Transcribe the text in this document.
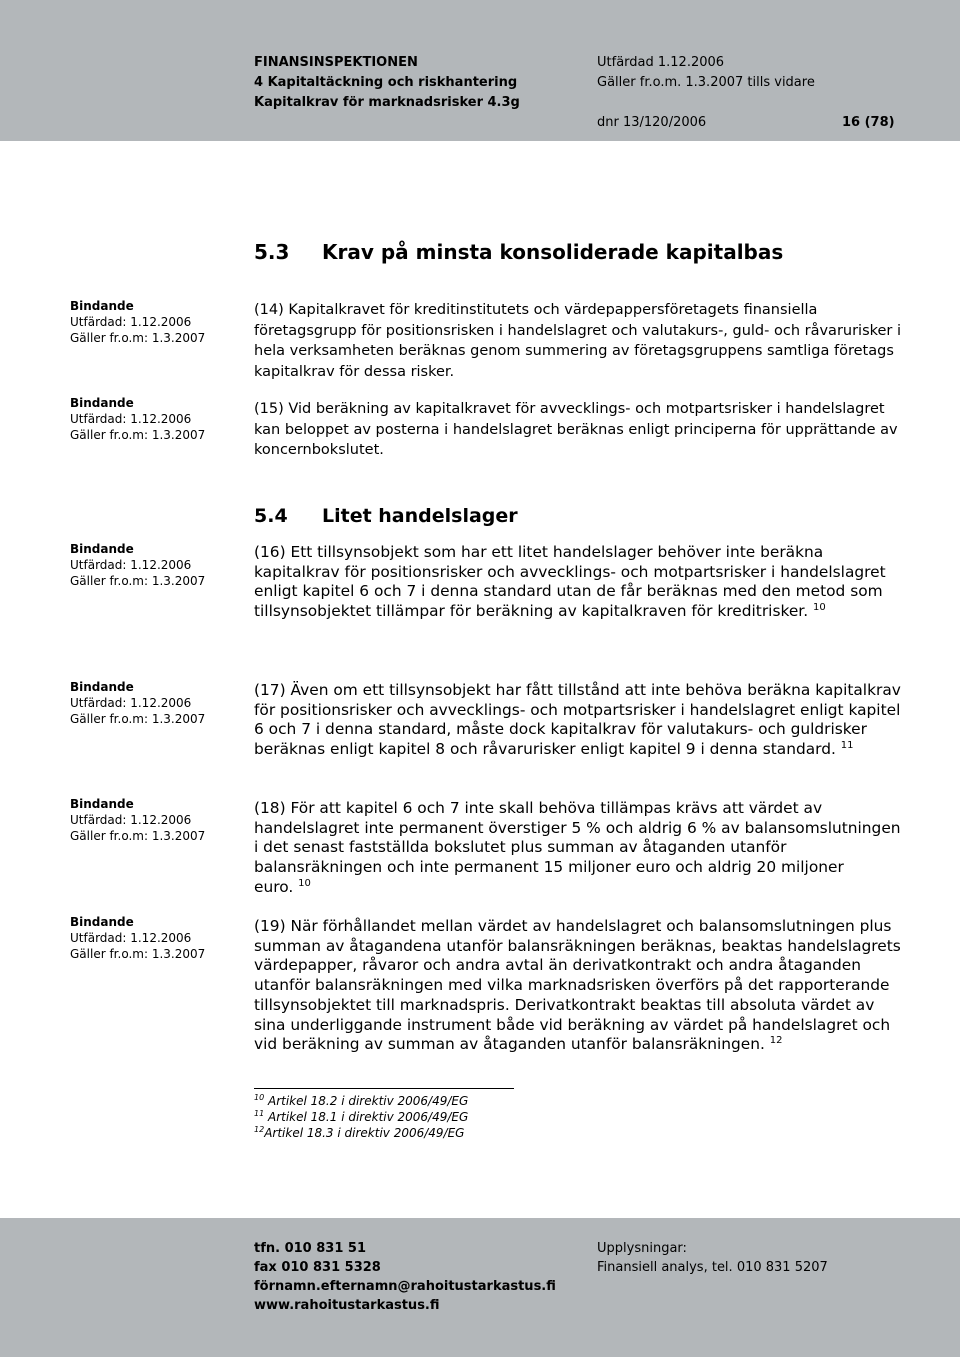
FINANSINSPEKTIONEN
4 Kapitaltäckning och riskhantering
Kapitalkrav för marknadsrisker 4.3g
Utfärdad 1.12.2006
Gäller fr.o.m. 1.3.2007 tills vidare
dnr 13/120/2006	16 (78)
5.3 Krav på minsta konsoliderade kapitalbas
Bindande
Utfärdad: 1.12.2006
Gäller fr.o.m: 1.3.2007
(14) Kapitalkravet för kreditinstitutets och värdepappersföretagets finansiella företagsgrupp för positionsrisken i handelslagret och valutakurs-, guld- och råvarurisker i hela verksamheten beräknas genom summering av företagsgruppens samtliga företags kapitalkrav för dessa risker.
Bindande
Utfärdad: 1.12.2006
Gäller fr.o.m: 1.3.2007
(15) Vid beräkning av kapitalkravet för avvecklings- och motpartsrisker i handelslagret kan beloppet av posterna i handelslagret beräknas enligt principerna för upprättande av koncernbokslutet.
5.4 Litet handelslager
Bindande
Utfärdad: 1.12.2006
Gäller fr.o.m: 1.3.2007
(16) Ett tillsynsobjekt som har ett litet handelslager behöver inte beräkna kapitalkrav för positionsrisker och avvecklings- och motpartsrisker i handelslagret enligt kapitel 6 och 7 i denna standard utan de får beräknas med den metod som tillsynsobjektet tillämpar för beräkning av kapitalkraven för kreditrisker. $^{10}$
Bindande
Utfärdad: 1.12.2006
Gäller fr.o.m: 1.3.2007
(17) Även om ett tillsynsobjekt har fått tillstånd att inte behöva beräkna kapitalkrav för positionsrisker och avvecklings- och motpartsrisker i handelslagret enligt kapitel 6 och 7 i denna standard, måste dock kapitalkrav för valutakurs- och guldrisker beräknas enligt kapitel 8 och råvarurisker enligt kapitel 9 i denna standard. $^{11}$
Bindande
Utfärdad: 1.12.2006
Gäller fr.o.m: 1.3.2007
(18) För att kapitel 6 och 7 inte skall behöva tillämpas krävs att värdet av handelslagret inte permanent överstiger 5 % och aldrig 6 % av balansomslutningen i det senast fastställda bokslutet plus summan av åtaganden utanför balansräkningen och inte permanent 15 miljoner euro och aldrig 20 miljoner euro. $^{10}$
Bindande
Utfärdad: 1.12.2006
Gäller fr.o.m: 1.3.2007
(19) När förhållandet mellan värdet av handelslagret och balansomslutningen plus summan av åtagandena utanför balansräkningen beräknas, beaktas handelslagrets värdepapper, råvaror och andra avtal än derivatkontrakt och andra åtaganden utanför balansräkningen med vilka marknadsrisken överförs på det rapporterande tillsynsobjektet till marknadspris. Derivatkontrakt beaktas till absoluta värdet av sina underliggande instrument både vid beräkning av värdet på handelslagret och vid beräkning av summan av åtaganden utanför balansräkningen. $^{12}$
$^{10}$ Artikel 18.2 i direktiv 2006/49/EG
$^{11}$ Artikel 18.1 i direktiv 2006/49/EG
$^{12}$Artikel 18.3 i direktiv 2006/49/EG
tfn. 010 831 51
fax 010 831 5328
förnamn.efternamn@rahoitustarkastus.fi
www.rahoitustarkastus.fi
Upplysningar:
Finansiell analys, tel. 010 831 5207
